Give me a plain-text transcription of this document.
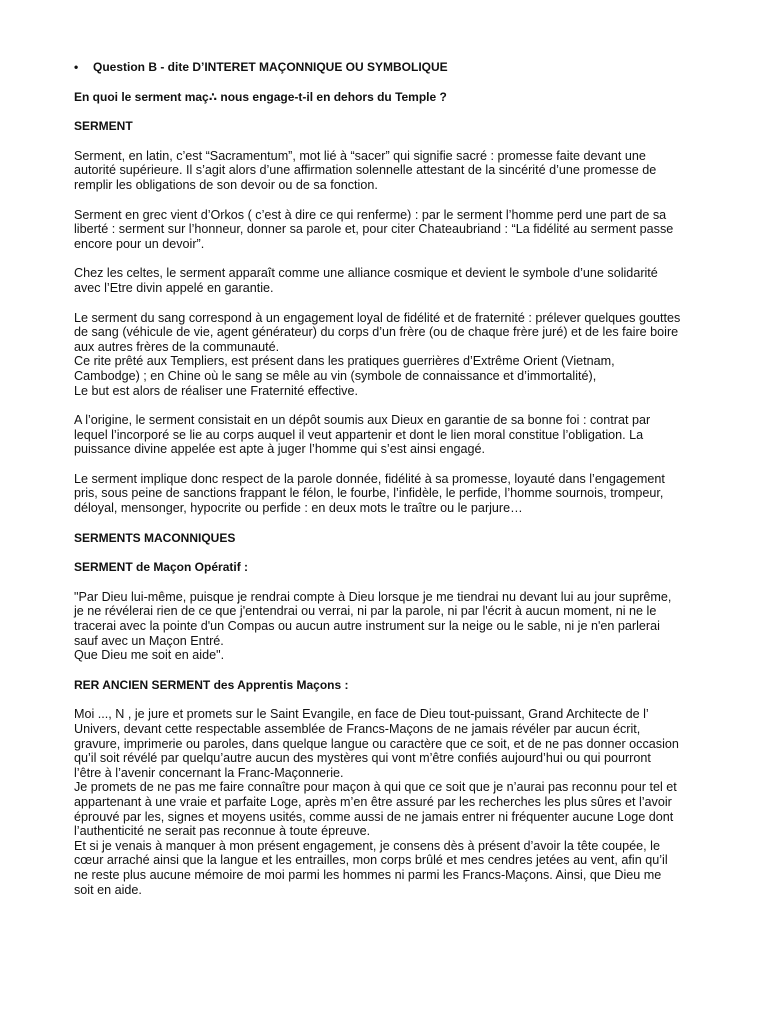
•	Question B - dite D’INTERET MAÇONNIQUE OU SYMBOLIQUE
En quoi le serment maç∴ nous engage-t-il en dehors du Temple ?
SERMENT
Serment, en latin, c’est “Sacramentum”, mot lié à “sacer” qui signifie sacré : promesse faite devant une
autorité supérieure. Il s’agit alors d’une affirmation solennelle attestant de la sincérité d’une promesse de
remplir les obligations de son devoir ou de sa fonction.
Serment en grec vient d’Orkos ( c’est à dire ce qui renferme) : par le serment l’homme perd une part de sa
liberté : serment sur l’honneur, donner sa parole et, pour citer Chateaubriand : “La fidélité au serment passe
encore pour un devoir”.
Chez les celtes, le serment apparaît comme une alliance cosmique et devient le symbole d’une solidarité
avec l’Etre divin appelé en garantie.
Le serment du sang correspond à un engagement loyal de fidélité et de fraternité : prélever quelques gouttes
de sang (véhicule de vie, agent générateur) du corps d’un frère (ou de chaque frère juré) et de les faire boire
aux autres frères de la communauté.
Ce rite prêté aux Templiers, est présent dans les pratiques guerrières d’Extrême Orient (Vietnam,
Cambodge) ; en Chine où le sang se mêle au vin (symbole de connaissance et d’immortalité),
Le but est alors de réaliser une Fraternité effective.
A l’origine, le serment consistait en un dépôt soumis aux Dieux en garantie de sa bonne foi : contrat par
lequel l’incorporé se lie au corps auquel il veut appartenir et dont le lien moral constitue l’obligation. La
puissance divine appelée est apte à juger l’homme qui s’est ainsi engagé.
Le serment implique donc respect de la parole donnée, fidélité à sa promesse, loyauté dans l’engagement
pris, sous peine de sanctions frappant le félon, le fourbe, l’infidèle, le perfide, l’homme sournois, trompeur,
déloyal, mensonger, hypocrite ou perfide : en deux mots le traître ou le parjure…
SERMENTS MACONNIQUES
SERMENT de Maçon Opératif :
"Par Dieu lui-même, puisque je rendrai compte à Dieu lorsque je me tiendrai nu devant lui au jour suprême,
je ne révélerai rien de ce que j'entendrai ou verrai, ni par la parole, ni par l'écrit à aucun moment, ni ne le
tracerai avec la pointe d'un Compas ou aucun autre instrument sur la neige ou le sable, ni je n'en parlerai
sauf avec un Maçon Entré.
Que Dieu me soit en aide".
RER ANCIEN SERMENT des Apprentis Maçons :
Moi ..., N , je jure et promets sur le Saint Evangile, en face de Dieu tout-puissant, Grand Architecte de l’
Univers, devant cette respectable assemblée de Francs-Maçons de ne jamais révéler par aucun écrit,
gravure, imprimerie ou paroles, dans quelque langue ou caractère que ce soit, et de ne pas donner occasion
qu’il soit révélé par quelqu’autre aucun des mystères qui vont m’être confiés aujourd’hui ou qui pourront
l’être à l’avenir concernant la Franc-Maçonnerie.
Je promets de ne pas me faire connaître pour maçon à qui que ce soit que je n’aurai pas reconnu pour tel et
appartenant à une vraie et parfaite Loge, après m’en être assuré par les recherches les plus sûres et l’avoir
éprouvé par les, signes et moyens usités, comme aussi de ne jamais entrer ni fréquenter aucune Loge dont
l’authenticité ne serait pas reconnue à toute épreuve.
Et si je venais à manquer à mon présent engagement, je consens dès à présent d’avoir la tête coupée, le
cœur arraché ainsi que la langue et les entrailles, mon corps brûlé et mes cendres jetées au vent, afin qu’il
ne reste plus aucune mémoire de moi parmi les hommes ni parmi les Francs-Maçons. Ainsi, que Dieu me
soit en aide.
